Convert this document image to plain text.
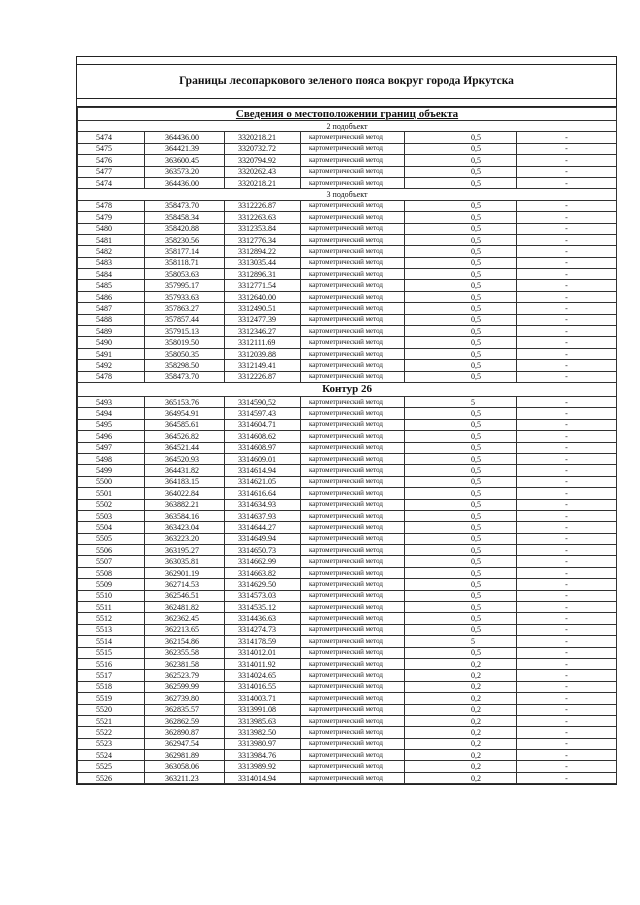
Границы лесопаркового зеленого пояса вокруг города Иркутска
Сведения о местоположении границ объекта					
2 подобъект					
5474	364436.00	3320218.21	картометрический метод	0,5	-
5475	364421.39	3320732.72	картометрический метод	0,5	-
5476	363600.45	3320794.92	картометрический метод	0,5	-
5477	363573.20	3320262.43	картометрический метод	0,5	-
5474	364436.00	3320218.21	картометрический метод	0,5	-
3 подобъект					
5478	358473.70	3312226.87	картометрический метод	0,5	-
5479	358458.34	3312263.63	картометрический метод	0,5	-
5480	358420.88	3312353.84	картометрический метод	0,5	-
5481	358230.56	3312776.34	картометрический метод	0,5	-
5482	358177.14	3312894.22	картометрический метод	0,5	-
5483	358118.71	3313035.44	картометрический метод	0,5	-
5484	358053.63	3312896.31	картометрический метод	0,5	-
5485	357995.17	3312771.54	картометрический метод	0,5	-
5486	357933.63	3312640.00	картометрический метод	0,5	-
5487	357863.27	3312490.51	картометрический метод	0,5	-
5488	357857.44	3312477.39	картометрический метод	0,5	-
5489	357915.13	3312346.27	картометрический метод	0,5	-
5490	358019.50	3312111.69	картометрический метод	0,5	-
5491	358050.35	3312039.88	картометрический метод	0,5	-
5492	358298.50	3312149.41	картометрический метод	0,5	-
5478	358473.70	3312226.87	картометрический метод	0,5	-
Контур 26					
5493	365153.76	3314590,52	картометрический метод	5	-
5494	364954.91	3314597.43	картометрический метод	0,5	-
5495	364585.61	3314604.71	картометрический метод	0,5	-
5496	364526.82	3314608.62	картометрический метод	0,5	-
5497	364521.44	3314608.97	картометрический метод	0,5	-
5498	364520.93	3314609.01	картометрический метод	0,5	-
5499	364431.82	3314614.94	картометрический метод	0,5	-
5500	364183.15	3314621.05	картометрический метод	0,5	-
5501	364022.84	3314616.64	картометрический метод	0,5	-
5502	363882.21	3314634.93	картометрический метод	0,5	-
5503	363584.16	3314637.93	картометрический метод	0,5	-
5504	363423.04	3314644.27	картометрический метод	0,5	-
5505	363223.20	3314649.94	картометрический метод	0,5	-
5506	363195.27	3314650.73	картометрический метод	0,5	-
5507	363035.81	3314662.99	картометрический метод	0,5	-
5508	362901.19	3314663.82	картометрический метод	0,5	-
5509	362714.53	3314629.50	картометрический метод	0,5	-
5510	362546.51	3314573.03	картометрический метод	0,5	-
5511	362481.82	3314535.12	картометрический метод	0,5	-
5512	362362.45	3314436.63	картометрический метод	0,5	-
5513	362213.65	3314274.73	картометрический метод	0,5	-
5514	362154.86	3314178.59	картометрический метод	5	-
5515	362355.58	3314012.01	картометрический метод	0,5	-
5516	362381.58	3314011.92	картометрический метод	0,2	-
5517	362523.79	3314024.65	картометрический метод	0,2	-
5518	362599.99	3314016.55	картометрический метод	0,2	-
5519	362739.80	3314003.71	картометрический метод	0,2	-
5520	362835.57	3313991.08	картометрический метод	0,2	-
5521	362862.59	3313985.63	картометрический метод	0,2	-
5522	362890.87	3313982.50	картометрический метод	0,2	-
5523	362947.54	3313980.97	картометрический метод	0,2	-
5524	362981.89	3313984.76	картометрический метод	0,2	-
5525	363058.06	3313989.92	картометрический метод	0,2	-
5526	363211.23	3314014.94	картометрический метод	0,2	-
